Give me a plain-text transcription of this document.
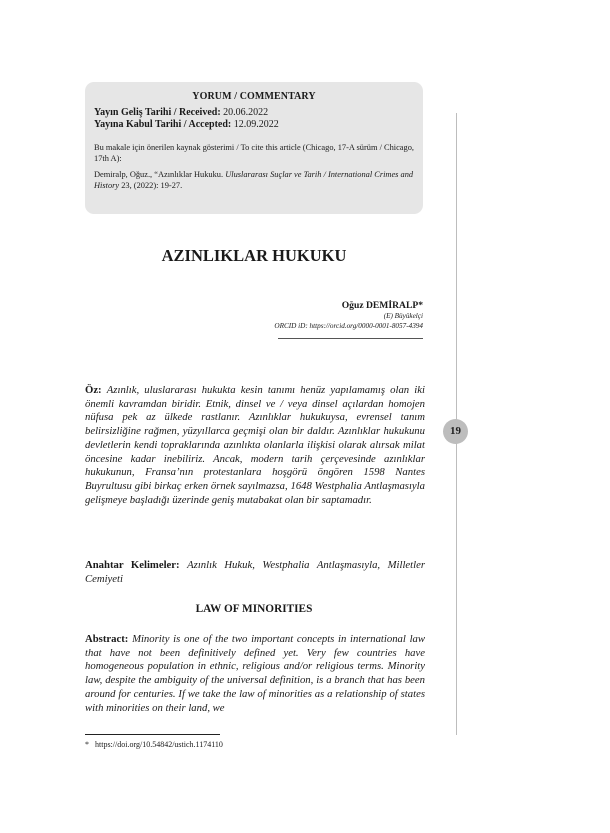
YORUM / COMMENTARY
Yayın Geliş Tarihi / Received: 20.06.2022
Yayına Kabul Tarihi / Accepted: 12.09.2022
Bu makale için önerilen kaynak gösterimi / To cite this article (Chicago, 17-A sürüm / Chicago, 17th A):
Demiralp, Oğuz., “Azınlıklar Hukuku. Uluslararası Suçlar ve Tarih / International Crimes and History 23, (2022): 19-27.
19
AZINLIKLAR HUKUKU
Oğuz DEMİRALP*
(E) Büyükelçi
ORCID iD: https://orcid.org/0000-0001-8057-4394
Öz: Azınlık, uluslararası hukukta kesin tanımı henüz yapılamamış olan iki önemli kavramdan biridir. Etnik, dinsel ve / veya dinsel açılardan homojen nüfusa pek az ülkede rastlanır. Azınlıklar hukukuysa, evrensel tanım belirsizliğine rağmen, yüzyıllarca geçmişi olan bir daldır. Azınlıklar hukukunu devletlerin kendi topraklarında azınlıkta olanlarla ilişkisi olarak alırsak milat öncesine kadar inebiliriz. Ancak, modern tarih çerçevesinde azınlıklar hukukunun, Fransa’nın protestanlara hoşgörü öngören 1598 Nantes Buyrultusu gibi birkaç erken örnek sayılmazsa, 1648 Westphalia Antlaşmasıyla gelişmeye başladığı üzerinde geniş mutabakat olan bir saptamadır.
Anahtar Kelimeler: Azınlık Hukuk, Westphalia Antlaşmasıyla, Milletler Cemiyeti
LAW OF MINORITIES
Abstract: Minority is one of the two important concepts in international law that have not been definitively defined yet. Very few countries have homogeneous population in ethnic, religious and/or religious terms. Minority law, despite the ambiguity of the universal definition, is a branch that has been around for centuries. If we take the law of minorities as a relationship of states with minorities on their land, we
* https://doi.org/10.54842/ustich.1174110
